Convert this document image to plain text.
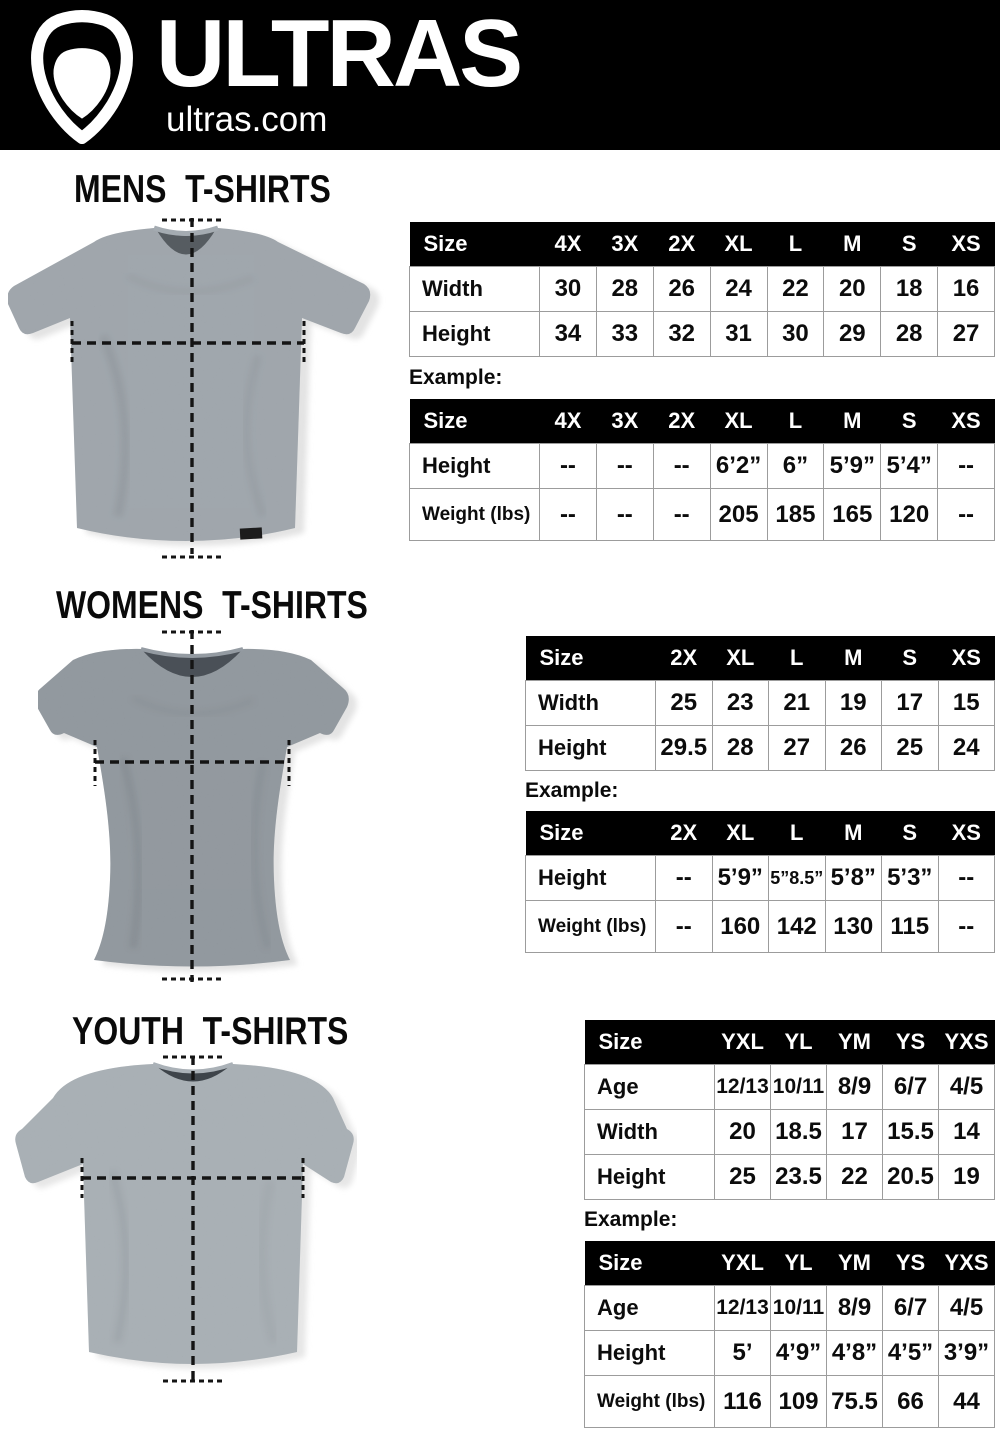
ULTRAS
ultras.com
MENS T-SHIRTS
Size	4X	3X	2X	XL	L	M	S	XS
Width	30	28	26	24	22	20	18	16
Height	34	33	32	31	30	29	28	27
Example:
Size	4X	3X	2X	XL	L	M	S	XS
Height	--	--	--	6’2”	6”	5’9”	5’4”	--
Weight (lbs)	--	--	--	205	185	165	120	--
WOMENS T-SHIRTS
Size	2X	XL	L	M	S	XS
Width	25	23	21	19	17	15
Height	29.5	28	27	26	25	24
Example:
Size	2X	XL	L	M	S	XS
Height	--	5’9”	5”8.5”	5’8”	5’3”	--
Weight (lbs)	--	160	142	130	115	--
YOUTH T-SHIRTS	Size	YXL	YL	YM	YS	YXS
Age	12/13	10/11	8/9	6/7	4/5
Width	20	18.5	17	15.5	14
Height	25	23.5	22	20.5	19
Example:
Size	YXL	YL	YM	YS	YXS
Age	12/13	10/11	8/9	6/7	4/5
Height	5’	4’9”	4’8”	4’5”	3’9”
Weight (lbs)	116	109	75.5	66	44
